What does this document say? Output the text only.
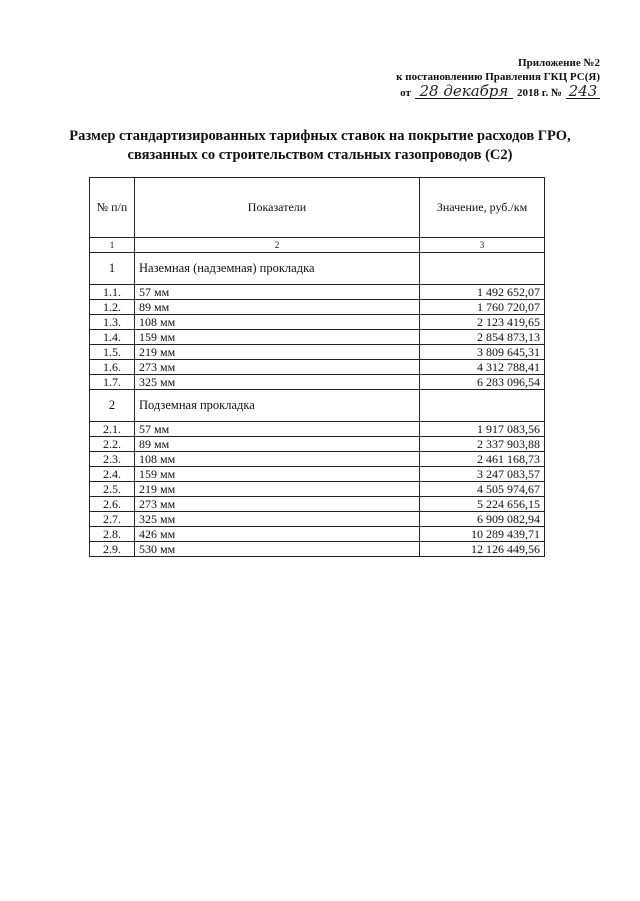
Приложение №2
к постановлению Правления ГКЦ РС(Я)
от 28 декабря 2018 г. № 243
Размер стандартизированных тарифных ставок на покрытие расходов ГРО,
связанных со строительством стальных газопроводов (С2)
№ п/п	Показатели	Значение, руб./км
1	2	3
1	Наземная (надземная) прокладка	
1.1.	57 мм	1 492 652,07
1.2.	89 мм	1 760 720,07
1.3.	108 мм	2 123 419,65
1.4.	159 мм	2 854 873,13
1.5.	219 мм	3 809 645,31
1.6.	273 мм	4 312 788,41
1.7.	325 мм	6 283 096,54
2	Подземная прокладка	
2.1.	57 мм	1 917 083,56
2.2.	89 мм	2 337 903,88
2.3.	108 мм	2 461 168,73
2.4.	159 мм	3 247 083,57
2.5.	219 мм	4 505 974,67
2.6.	273 мм	5 224 656,15
2.7.	325 мм	6 909 082,94
2.8.	426 мм	10 289 439,71
2.9.	530 мм	12 126 449,56
